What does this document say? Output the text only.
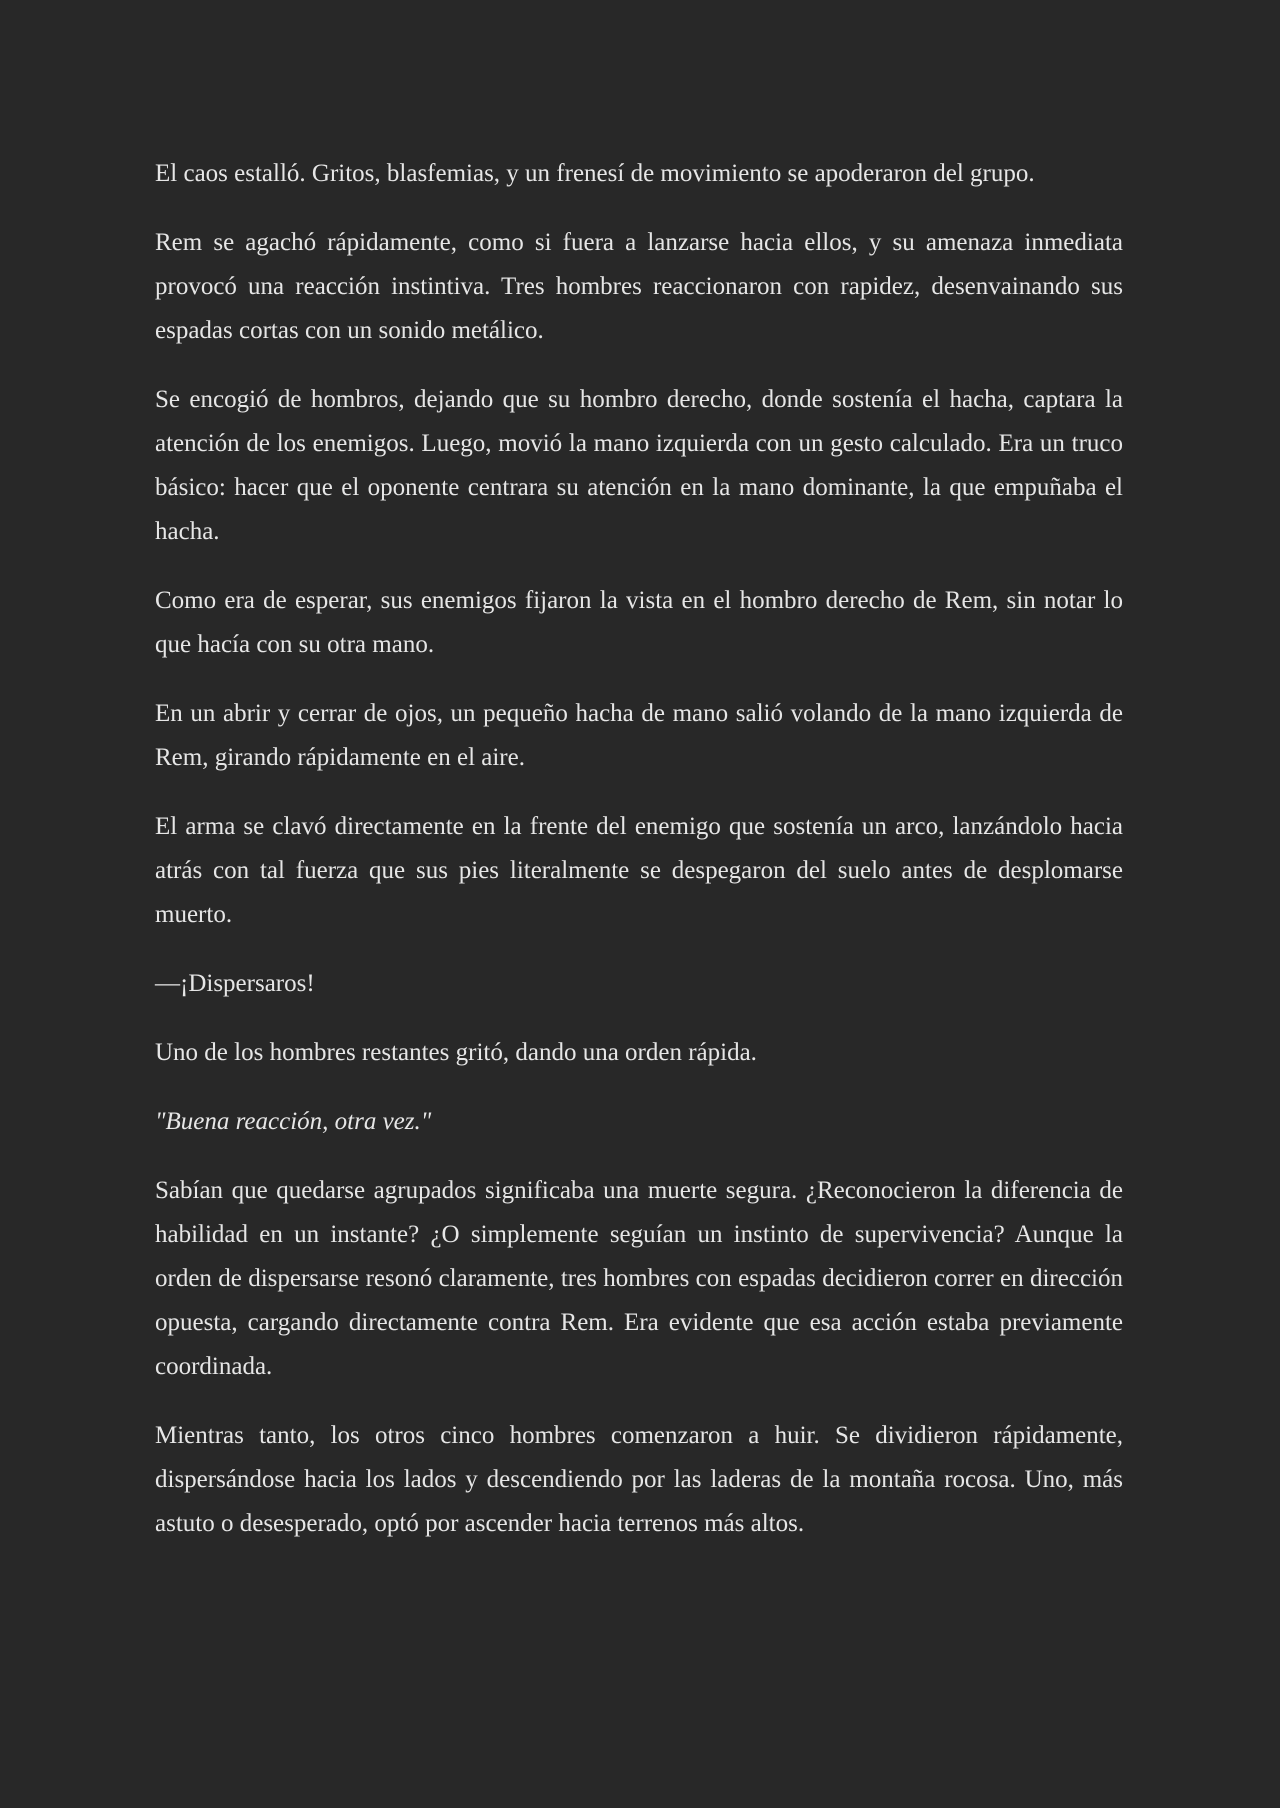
El caos estalló. Gritos, blasfemias, y un frenesí de movimiento se apoderaron del grupo.

Rem se agachó rápidamente, como si fuera a lanzarse hacia ellos, y su amenaza inmediata provocó una reacción instintiva. Tres hombres reaccionaron con rapidez, desenvainando sus espadas cortas con un sonido metálico.

Se encogió de hombros, dejando que su hombro derecho, donde sostenía el hacha, captara la atención de los enemigos. Luego, movió la mano izquierda con un gesto calculado. Era un truco básico: hacer que el oponente centrara su atención en la mano dominante, la que empuñaba el hacha.

Como era de esperar, sus enemigos fijaron la vista en el hombro derecho de Rem, sin notar lo que hacía con su otra mano.

En un abrir y cerrar de ojos, un pequeño hacha de mano salió volando de la mano izquierda de Rem, girando rápidamente en el aire.

El arma se clavó directamente en la frente del enemigo que sostenía un arco, lanzándolo hacia atrás con tal fuerza que sus pies literalmente se despegaron del suelo antes de desplomarse muerto.

—¡Dispersaros!

Uno de los hombres restantes gritó, dando una orden rápida.

"Buena reacción, otra vez."

Sabían que quedarse agrupados significaba una muerte segura. ¿Reconocieron la diferencia de habilidad en un instante? ¿O simplemente seguían un instinto de supervivencia? Aunque la orden de dispersarse resonó claramente, tres hombres con espadas decidieron correr en dirección opuesta, cargando directamente contra Rem. Era evidente que esa acción estaba previamente coordinada.

Mientras tanto, los otros cinco hombres comenzaron a huir. Se dividieron rápidamente, dispersándose hacia los lados y descendiendo por las laderas de la montaña rocosa. Uno, más astuto o desesperado, optó por ascender hacia terrenos más altos.
